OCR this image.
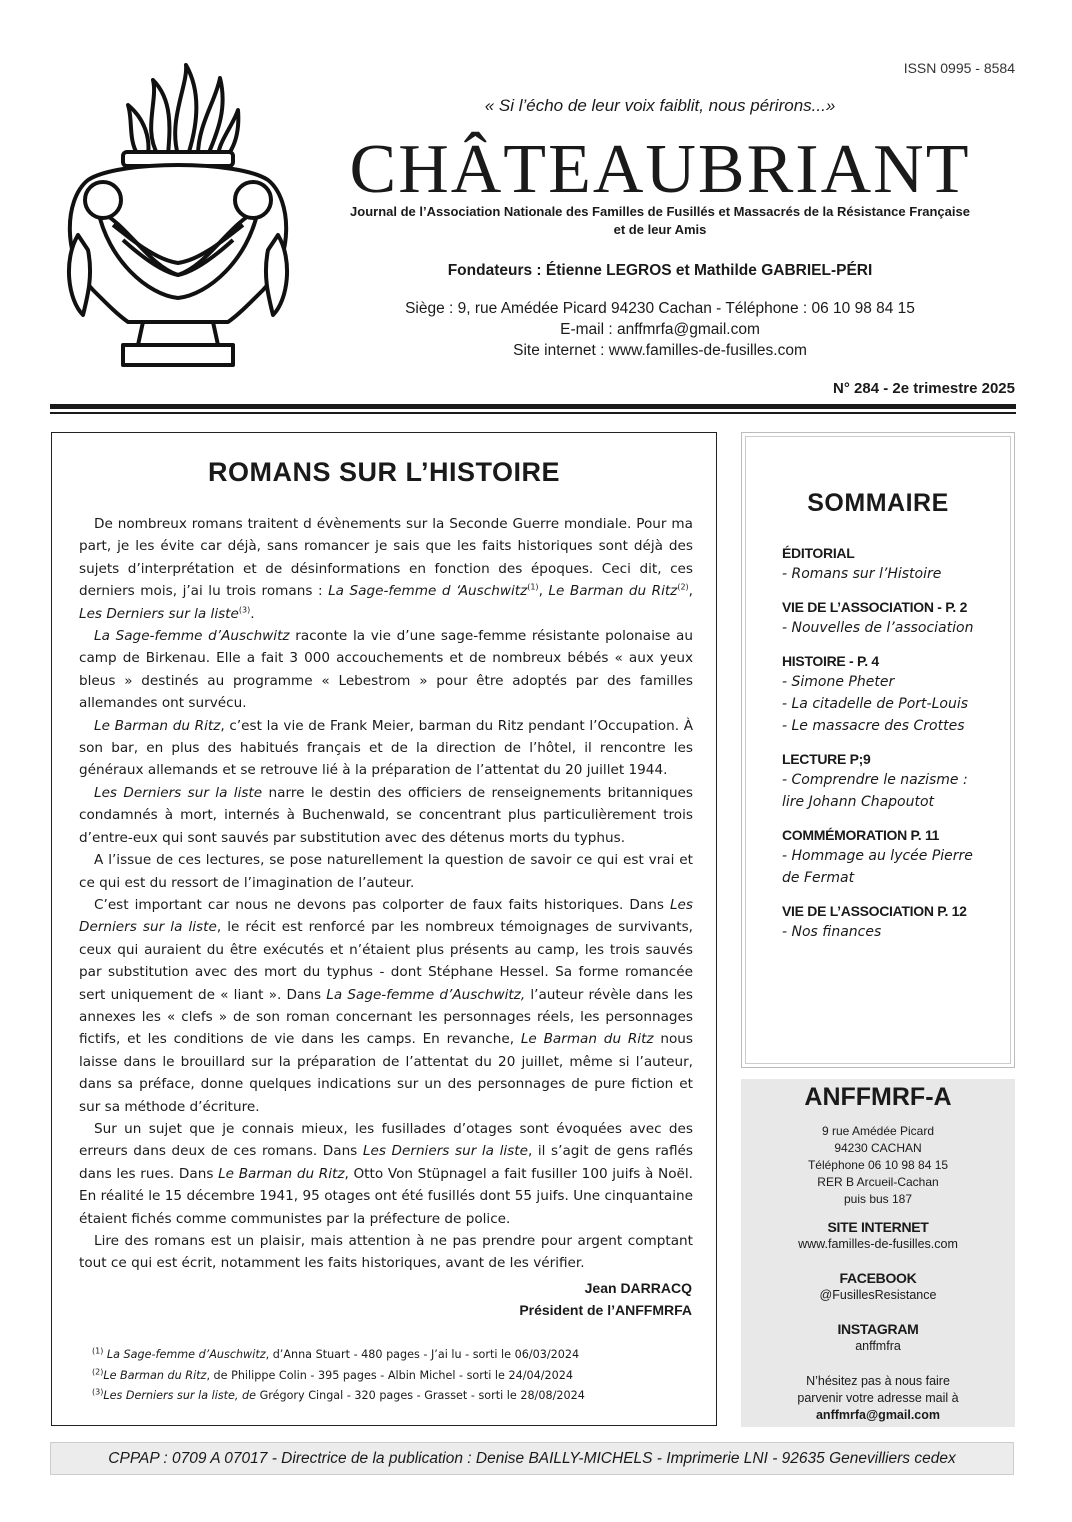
ISSN 0995 - 8584
« Si l’écho de leur voix faiblit, nous périrons...»
CHÂTEAUBRIANT
Journal de l’Association Nationale des Familles de Fusillés et Massacrés de la Résistance Française
et de leur Amis
Fondateurs : Étienne LEGROS et Mathilde GABRIEL-PÉRI
Siège : 9, rue Amédée Picard 94230 Cachan - Téléphone : 06 10 98 84 15
E-mail : anffmrfa@gmail.com
Site internet : www.familles-de-fusilles.com
N° 284 - 2e trimestre 2025
ROMANS SUR L’HISTOIRE

De nombreux romans traitent d évènements sur la Seconde Guerre mondiale. Pour ma part, je les évite car déjà, sans romancer je sais que les faits historiques sont déjà des sujets d’interprétation et de désinformations en fonction des époques. Ceci dit, ces derniers mois, j’ai lu trois romans : La Sage-femme d ‘Auschwitz$^{(1)}$, Le Barman du Ritz$^{(2)}$, Les Derniers sur la liste$^{(3)}$.

La Sage-femme d’Auschwitz raconte la vie d’une sage-femme résistante polonaise au camp de Birkenau. Elle a fait 3 000 accouchements et de nombreux bébés « aux yeux bleus » destinés au programme « Lebestrom » pour être adoptés par des familles allemandes ont survécu.

Le Barman du Ritz, c’est la vie de Frank Meier, barman du Ritz pendant l’Occupation. À son bar, en plus des habitués français et de la direction de l’hôtel, il rencontre les généraux allemands et se retrouve lié à la préparation de l’attentat du 20 juillet 1944.

Les Derniers sur la liste narre le destin des officiers de renseignements britanniques condamnés à mort, internés à Buchenwald, se concentrant plus particulièrement trois d’entre-eux qui sont sauvés par substitution avec des détenus morts du typhus.

A l’issue de ces lectures, se pose naturellement la question de savoir ce qui est vrai et ce qui est du ressort de l’imagination de l’auteur.

C’est important car nous ne devons pas colporter de faux faits historiques. Dans Les Derniers sur la liste, le récit est renforcé par les nombreux témoignages de survivants, ceux qui auraient du être exécutés et n’étaient plus présents au camp, les trois sauvés par substitution avec des mort du typhus - dont Stéphane Hessel. Sa forme romancée sert uniquement de « liant ». Dans La Sage-femme d’Auschwitz, l’auteur révèle dans les annexes les « clefs » de son roman concernant les personnages réels, les personnages fictifs, et les conditions de vie dans les camps. En revanche, Le Barman du Ritz nous laisse dans le brouillard sur la préparation de l’attentat du 20 juillet, même si l’auteur, dans sa préface, donne quelques indications sur un des personnages de pure fiction et sur sa méthode d’écriture.

Sur un sujet que je connais mieux, les fusillades d’otages sont évoquées avec des erreurs dans deux de ces romans. Dans Les Derniers sur la liste, il s’agit de gens raflés dans les rues. Dans Le Barman du Ritz, Otto Von Stüpnagel a fait fusiller 100 juifs à Noël. En réalité le 15 décembre 1941, 95 otages ont été fusillés dont 55 juifs. Une cinquantaine étaient fichés comme communistes par la préfecture de police.

Lire des romans est un plaisir, mais attention à ne pas prendre pour argent comptant tout ce qui est écrit, notamment les faits historiques, avant de les vérifier.

Jean DARRACQ
Président de l’ANFFMRFA
$^{(1)}$ La Sage-femme d’Auschwitz, d’Anna Stuart - 480 pages - J’ai lu - sorti le 06/03/2024
$^{(2)}$Le Barman du Ritz, de Philippe Colin - 395 pages - Albin Michel - sorti le 24/04/2024
$^{(3)}$Les Derniers sur la liste, de Grégory Cingal - 320 pages - Grasset - sorti le 28/08/2024
SOMMAIRE
ÉDITORIAL
- Romans sur l’Histoire
VIE DE L’ASSOCIATION - P. 2
- Nouvelles de l’association
HISTOIRE - P. 4
- Simone Pheter
- La citadelle de Port-Louis
- Le massacre des Crottes
LECTURE P;9
- Comprendre le nazisme :
lire Johann Chapoutot
COMMÉMORATION P. 11
- Hommage au lycée Pierre
de Fermat
VIE DE L’ASSOCIATION P. 12
- Nos finances
ANFFMRF-A
9 rue Amédée Picard
94230 CACHAN
Téléphone 06 10 98 84 15
RER B Arcueil-Cachan
puis bus 187
SITE INTERNET
www.familles-de-fusilles.com
FACEBOOK
@FusillesResistance
INSTAGRAM
anffmfra
N’hésitez pas à nous faire
parvenir votre adresse mail à
anffmrfa@gmail.com
CPPAP : 0709 A 07017 - Directrice de la publication : Denise BAILLY-MICHELS - Imprimerie LNI - 92635 Genevilliers cedex
